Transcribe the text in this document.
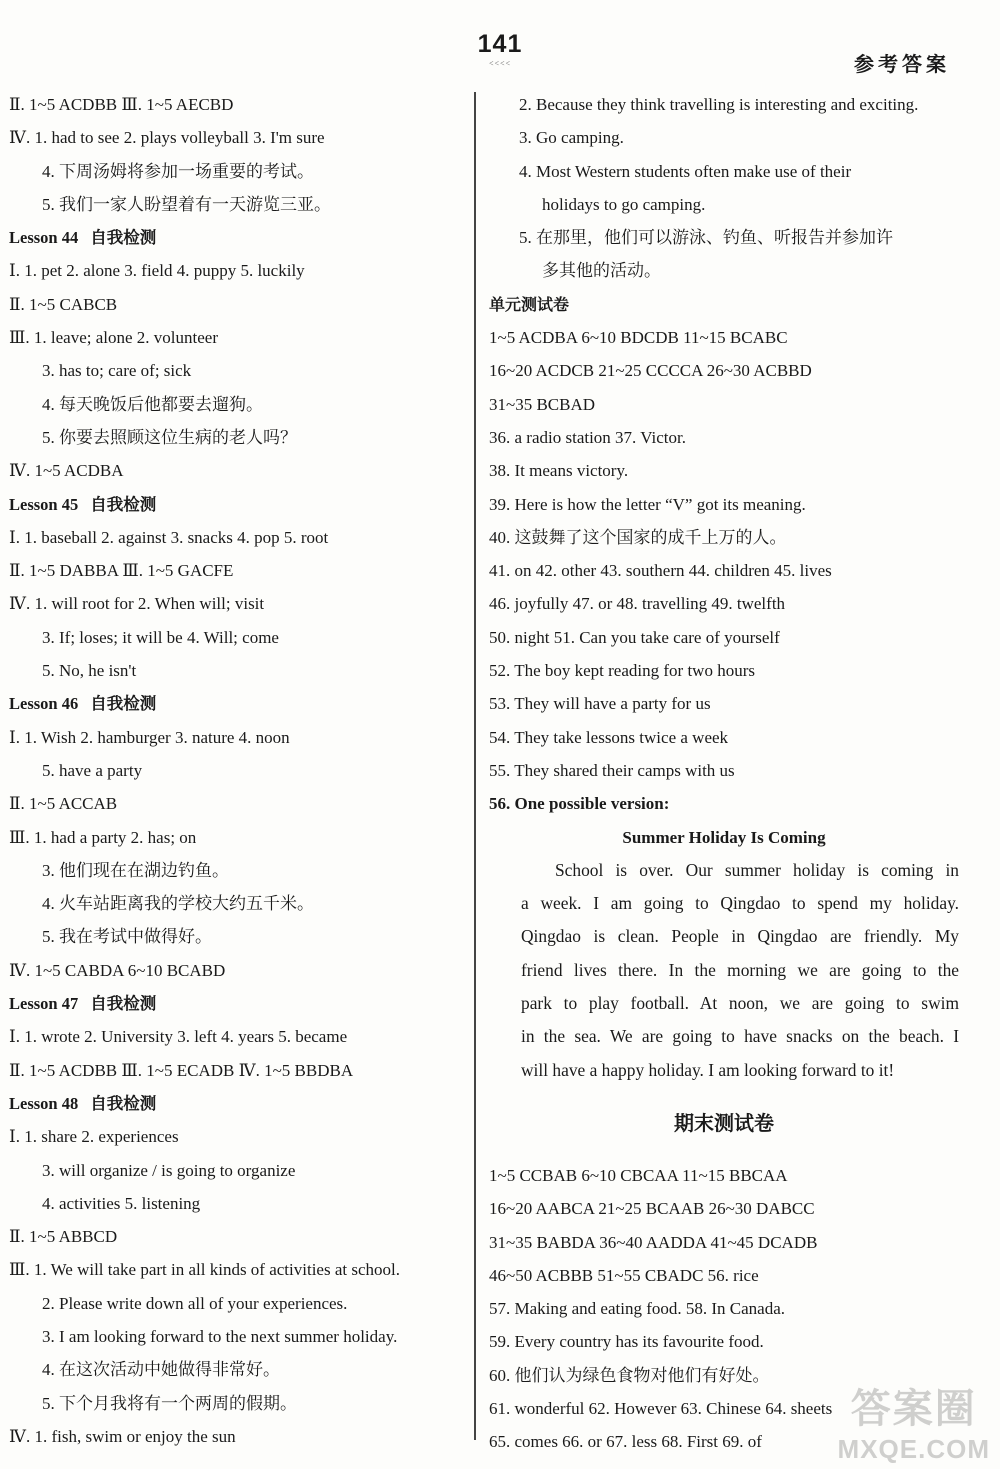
141
<<<<	参考答案
Ⅱ. 1~5 ACDBB Ⅲ. 1~5 AECBD
Ⅳ. 1. had to see 2. plays volleyball 3. I'm sure
4. 下周汤姆将参加一场重要的考试。
5. 我们一家人盼望着有一天游览三亚。
Lesson 44 自我检测
Ⅰ. 1. pet 2. alone 3. field 4. puppy 5. luckily
Ⅱ. 1~5 CABCB
Ⅲ. 1. leave; alone 2. volunteer
3. has to; care of; sick
4. 每天晚饭后他都要去遛狗。
5. 你要去照顾这位生病的老人吗？
Ⅳ. 1~5 ACDBA
Lesson 45 自我检测
Ⅰ. 1. baseball 2. against 3. snacks 4. pop 5. root
Ⅱ. 1~5 DABBA Ⅲ. 1~5 GACFE
Ⅳ. 1. will root for 2. When will; visit
3. If; loses; it will be 4. Will; come
5. No, he isn't
Lesson 46 自我检测
Ⅰ. 1. Wish 2. hamburger 3. nature 4. noon
5. have a party
Ⅱ. 1~5 ACCAB
Ⅲ. 1. had a party 2. has; on
3. 他们现在在湖边钓鱼。
4. 火车站距离我的学校大约五千米。
5. 我在考试中做得好。
Ⅳ. 1~5 CABDA 6~10 BCABD
Lesson 47 自我检测
Ⅰ. 1. wrote 2. University 3. left 4. years 5. became
Ⅱ. 1~5 ACDBB Ⅲ. 1~5 ECADB Ⅳ. 1~5 BBDBA
Lesson 48 自我检测
Ⅰ. 1. share 2. experiences
3. will organize / is going to organize
4. activities 5. listening
Ⅱ. 1~5 ABBCD
Ⅲ. 1. We will take part in all kinds of activities at school.
2. Please write down all of your experiences.
3. I am looking forward to the next summer holiday.
4. 在这次活动中她做得非常好。
5. 下个月我将有一个两周的假期。
Ⅳ. 1. fish, swim or enjoy the sun
2. Because they think travelling is interesting and exciting.
3. Go camping.
4. Most Western students often make use of their
holidays to go camping.
5. 在那里，他们可以游泳、钓鱼、听报告并参加许
多其他的活动。
单元测试卷
1~5 ACDBA 6~10 BDCDB 11~15 BCABC
16~20 ACDCB 21~25 CCCCA 26~30 ACBBD
31~35 BCBAD
36. a radio station 37. Victor.
38. It means victory.
39. Here is how the letter “V” got its meaning.
40. 这鼓舞了这个国家的成千上万的人。
41. on 42. other 43. southern 44. children 45. lives
46. joyfully 47. or 48. travelling 49. twelfth
50. night 51. Can you take care of yourself
52. The boy kept reading for two hours
53. They will have a party for us
54. They take lessons twice a week
55. They shared their camps with us
56. One possible version:
Summer Holiday Is Coming
School is over. Our summer holiday is coming in
a week. I am going to Qingdao to spend my holiday.
Qingdao is clean. People in Qingdao are friendly. My
friend lives there. In the morning we are going to the
park to play football. At noon, we are going to swim
in the sea. We are going to have snacks on the beach. I
will have a happy holiday. I am looking forward to it!
期末测试卷
1~5 CCBAB 6~10 CBCAA 11~15 BBCAA
16~20 AABCA 21~25 BCAAB 26~30 DABCC
31~35 BABDA 36~40 AADDA 41~45 DCADB
46~50 ACBBB 51~55 CBADC 56. rice
57. Making and eating food. 58. In Canada.
59. Every country has its favourite food.
60. 他们认为绿色食物对他们有好处。
61. wonderful 62. However 63. Chinese 64. sheets
65. comes 66. or 67. less 68. First 69. of
答案圈
MXQE.COM
